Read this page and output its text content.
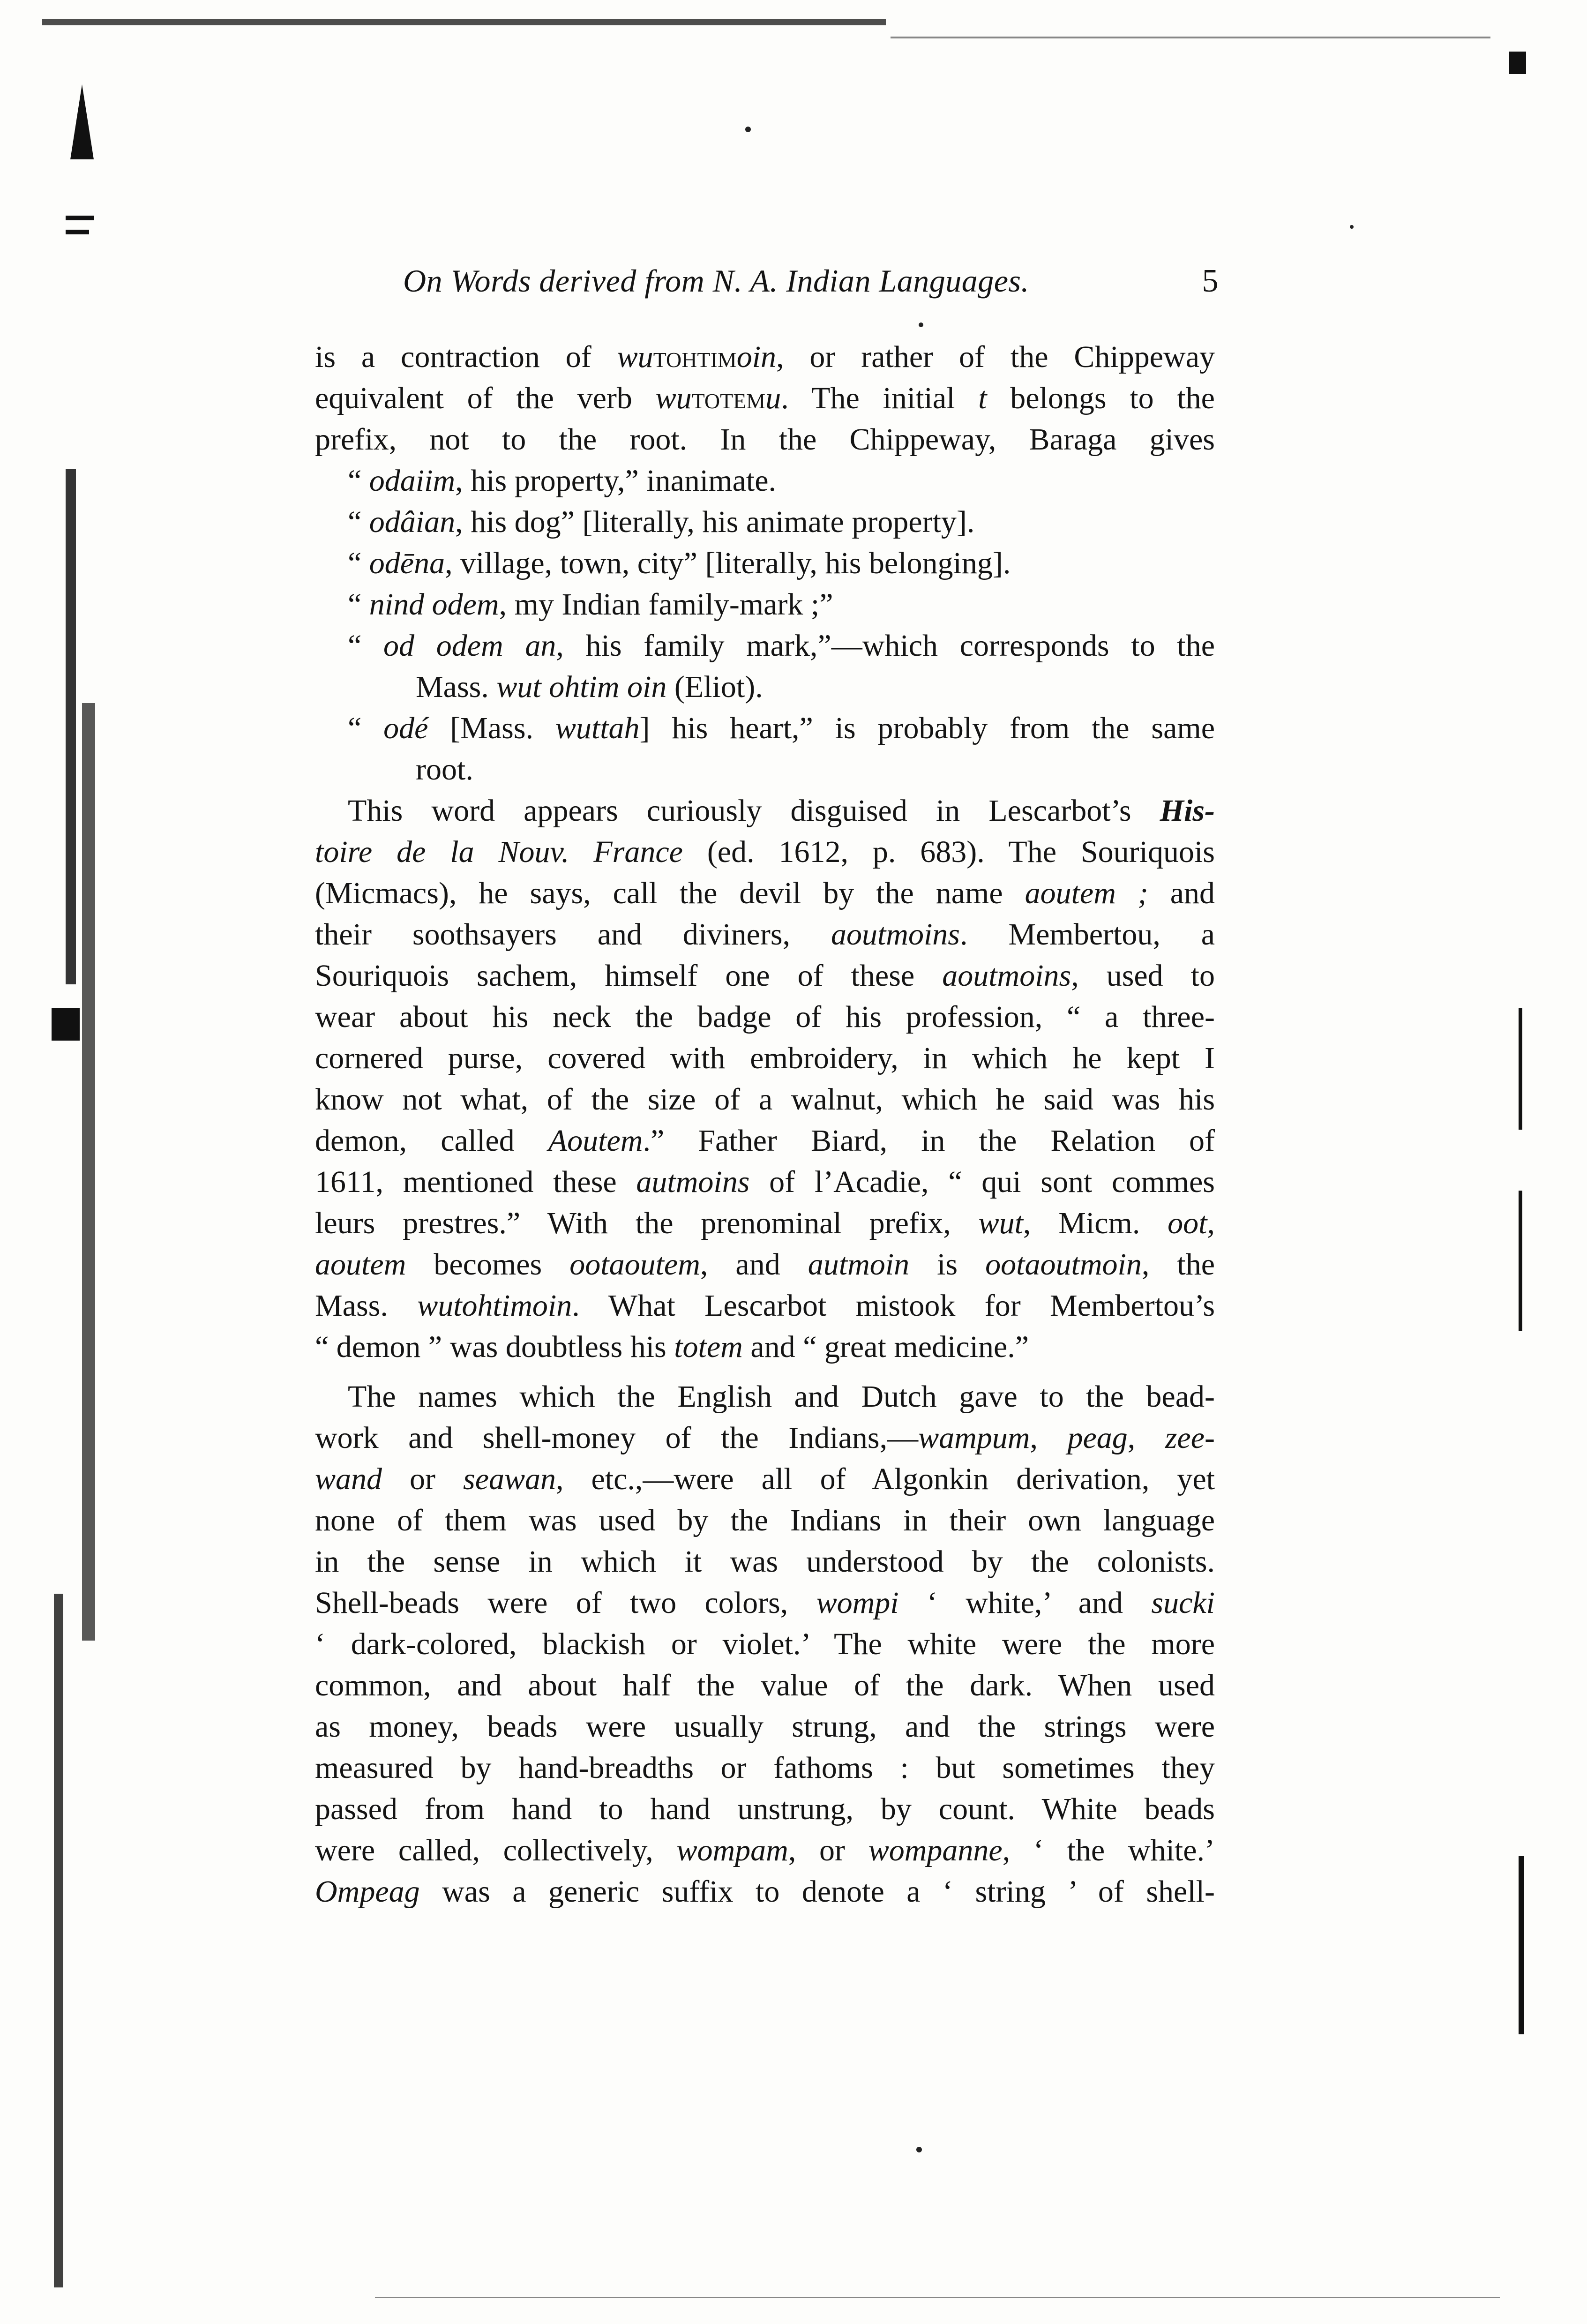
On Words derived from N. A. Indian Languages.	5
is a contraction of wutohtimoin, or rather of the Chippeway
equivalent of the verb wutotemu. The initial t belongs to the
prefix, not to the root. In the Chippeway, Baraga gives
“ odaiim, his property,” inanimate.
“ odâian, his dog” [literally, his animate property].
“ odēna, village, town, city” [literally, his belonging].
“ nind odem, my Indian family-mark ;”
“ od odem an, his family mark,”—which corresponds to the
Mass. wut ohtim oin (Eliot).
“ odé [Mass. wuttah] his heart,” is probably from the same
root.
This word appears curiously disguised in Lescarbot’s His-
toire de la Nouv. France (ed. 1612, p. 683). The Souriquois
(Micmacs), he says, call the devil by the name aoutem ; and
their soothsayers and diviners, aoutmoins. Membertou, a
Souriquois sachem, himself one of these aoutmoins, used to
wear about his neck the badge of his profession, “ a three-
cornered purse, covered with embroidery, in which he kept I
know not what, of the size of a walnut, which he said was his
demon, called Aoutem.” Father Biard, in the Relation of
1611, mentioned these autmoins of l’Acadie, “ qui sont commes
leurs prestres.” With the prenominal prefix, wut, Micm. oot,
aoutem becomes ootaoutem, and autmoin is ootaoutmoin, the
Mass. wutohtimoin. What Lescarbot mistook for Membertou’s
“ demon ” was doubtless his totem and “ great medicine.”
The names which the English and Dutch gave to the bead-
work and shell-money of the Indians,—wampum, peag, zee-
wand or seawan, etc.,—were all of Algonkin derivation, yet
none of them was used by the Indians in their own language
in the sense in which it was understood by the colonists.
Shell-beads were of two colors, wompi ‘ white,’ and sucki
‘ dark-colored, blackish or violet.’ The white were the more
common, and about half the value of the dark. When used
as money, beads were usually strung, and the strings were
measured by hand-breadths or fathoms : but sometimes they
passed from hand to hand unstrung, by count. White beads
were called, collectively, wompam, or wompanne, ‘ the white.’
Ompeag was a generic suffix to denote a ‘ string ’ of shell-
